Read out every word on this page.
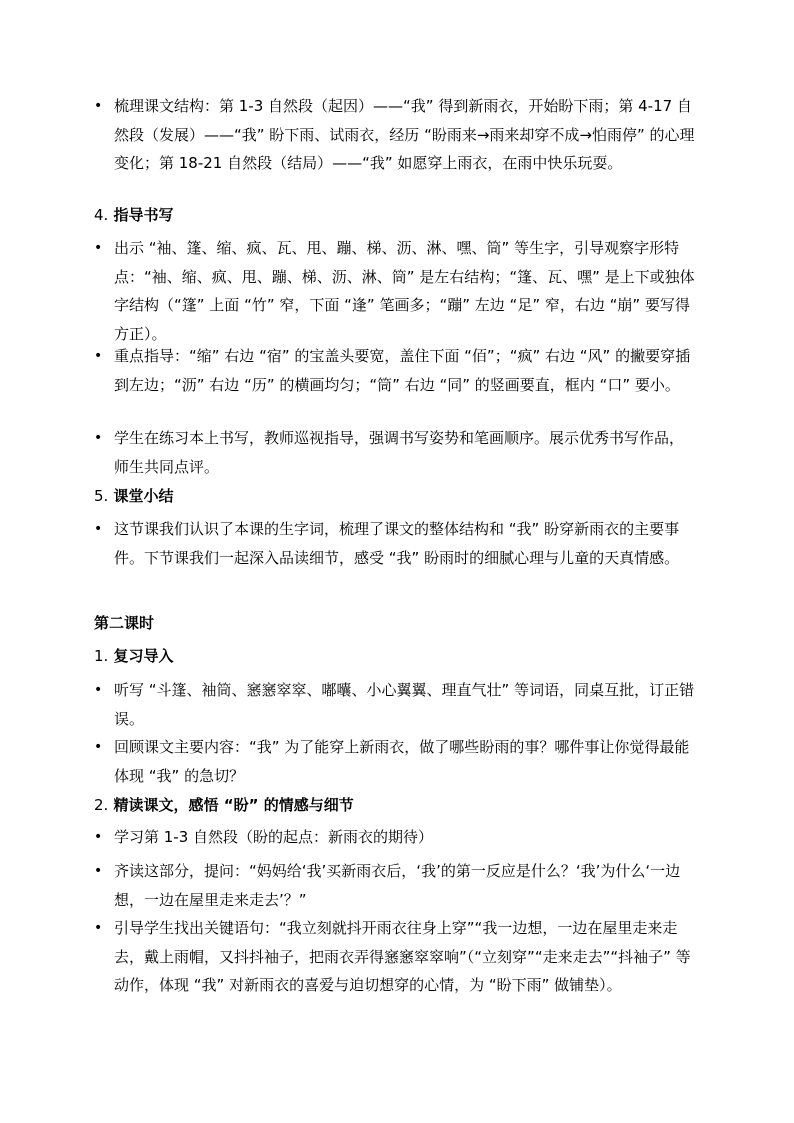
• 梳理课文结构：第 1-3 自然段（起因）——“我” 得到新雨衣，开始盼下雨；第 4-17 自然段（发展）——“我” 盼下雨、试雨衣，经历 “盼雨来→雨来却穿不成→怕雨停” 的心理变化；第 18-21 自然段（结局）——“我” 如愿穿上雨衣，在雨中快乐玩耍。
4. 指导书写
• 出示 “袖、篷、缩、疯、瓦、甩、蹦、梯、沥、淋、嘿、筒” 等生字，引导观察字形特点：“袖、缩、疯、甩、蹦、梯、沥、淋、筒” 是左右结构；“篷、瓦、嘿” 是上下或独体字结构（“篷” 上面 “竹” 窄，下面 “逢” 笔画多；“蹦” 左边 “足” 窄，右边 “崩” 要写得方正）。
• 重点指导：“缩” 右边 “宿” 的宝盖头要宽，盖住下面 “佰”；“疯” 右边 “风” 的撇要穿插到左边；“沥” 右边 “历” 的横画均匀；“筒” 右边 “同” 的竖画要直，框内 “口” 要小。
• 学生在练习本上书写，教师巡视指导，强调书写姿势和笔画顺序。展示优秀书写作品，师生共同点评。
5. 课堂小结
• 这节课我们认识了本课的生字词，梳理了课文的整体结构和 “我” 盼穿新雨衣的主要事件。下节课我们一起深入品读细节，感受 “我” 盼雨时的细腻心理与儿童的天真情感。
第二课时
1. 复习导入
• 听写 “斗篷、袖筒、窸窸窣窣、嘟囔、小心翼翼、理直气壮” 等词语，同桌互批，订正错误。
• 回顾课文主要内容：“我” 为了能穿上新雨衣，做了哪些盼雨的事？哪件事让你觉得最能体现 “我” 的急切？
2. 精读课文，感悟 “盼” 的情感与细节
• 学习第 1-3 自然段（盼的起点：新雨衣的期待）
• 齐读这部分，提问：“妈妈给‘我’买新雨衣后，‘我’的第一反应是什么？‘我’为什么‘一边想，一边在屋里走来走去’？”
• 引导学生找出关键语句：“我立刻就抖开雨衣往身上穿”“我一边想，一边在屋里走来走去，戴上雨帽，又抖抖袖子，把雨衣弄得窸窸窣窣响”（“立刻穿”“走来走去”“抖袖子” 等动作，体现 “我” 对新雨衣的喜爱与迫切想穿的心情，为 “盼下雨” 做铺垫）。
